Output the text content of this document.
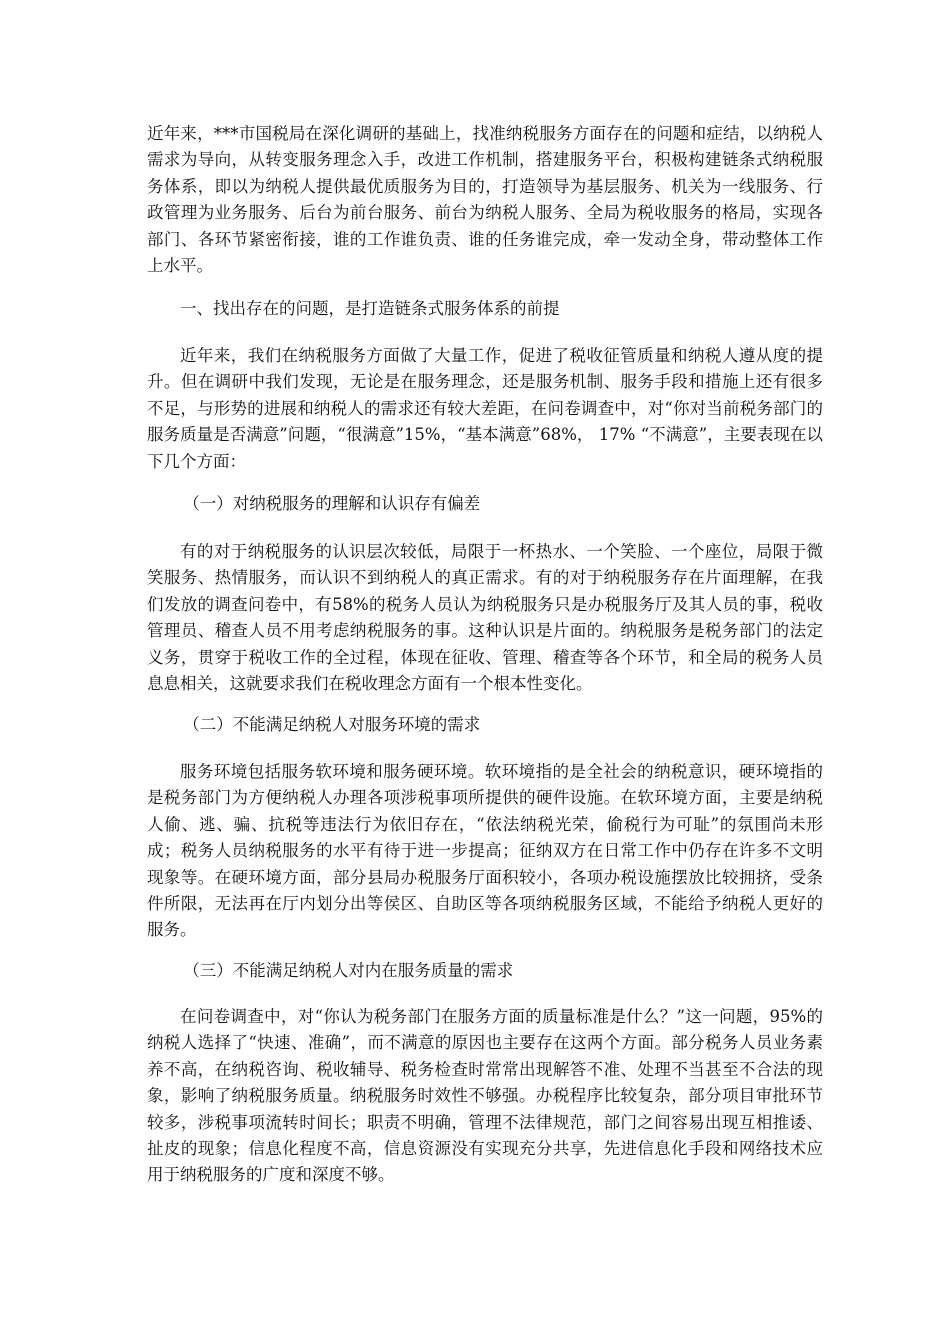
近年来，***市国税局在深化调研的基础上，找准纳税服务方面存在的问题和症结，以纳税人需求为导向，从转变服务理念入手，改进工作机制，搭建服务平台，积极构建链条式纳税服务体系，即以为纳税人提供最优质服务为目的，打造领导为基层服务、机关为一线服务、行政管理为业务服务、后台为前台服务、前台为纳税人服务、全局为税收服务的格局，实现各部门、各环节紧密衔接，谁的工作谁负责、谁的任务谁完成，牵一发动全身，带动整体工作上水平。

一、找出存在的问题，是打造链条式服务体系的前提

近年来，我们在纳税服务方面做了大量工作，促进了税收征管质量和纳税人遵从度的提升。但在调研中我们发现，无论是在服务理念，还是服务机制、服务手段和措施上还有很多不足，与形势的进展和纳税人的需求还有较大差距，在问卷调查中，对“你对当前税务部门的服务质量是否满意”问题，“很满意”15%，“基本满意”68%， 17% “不满意”，主要表现在以下几个方面：

（一）对纳税服务的理解和认识存有偏差

有的对于纳税服务的认识层次较低，局限于一杯热水、一个笑脸、一个座位，局限于微笑服务、热情服务，而认识不到纳税人的真正需求。有的对于纳税服务存在片面理解，在我们发放的调查问卷中，有58%的税务人员认为纳税服务只是办税服务厅及其人员的事，税收管理员、稽查人员不用考虑纳税服务的事。这种认识是片面的。纳税服务是税务部门的法定义务，贯穿于税收工作的全过程，体现在征收、管理、稽查等各个环节，和全局的税务人员息息相关，这就要求我们在税收理念方面有一个根本性变化。

（二）不能满足纳税人对服务环境的需求

服务环境包括服务软环境和服务硬环境。软环境指的是全社会的纳税意识，硬环境指的是税务部门为方便纳税人办理各项涉税事项所提供的硬件设施。在软环境方面，主要是纳税人偷、逃、骗、抗税等违法行为依旧存在，“依法纳税光荣，偷税行为可耻”的氛围尚未形成；税务人员纳税服务的水平有待于进一步提高；征纳双方在日常工作中仍存在许多不文明现象等。在硬环境方面，部分县局办税服务厅面积较小，各项办税设施摆放比较拥挤，受条件所限，无法再在厅内划分出等侯区、自助区等各项纳税服务区域，不能给予纳税人更好的服务。

（三）不能满足纳税人对内在服务质量的需求

在问卷调查中，对“你认为税务部门在服务方面的质量标准是什么？”这一问题，95%的纳税人选择了“快速、准确”，而不满意的原因也主要存在这两个方面。部分税务人员业务素养不高，在纳税咨询、税收辅导、税务检查时常常出现解答不准、处理不当甚至不合法的现象，影响了纳税服务质量。纳税服务时效性不够强。办税程序比较复杂，部分项目审批环节较多，涉税事项流转时间长；职责不明确，管理不法律规范，部门之间容易出现互相推诿、扯皮的现象；信息化程度不高，信息资源没有实现充分共享，先进信息化手段和网络技术应用于纳税服务的广度和深度不够。
